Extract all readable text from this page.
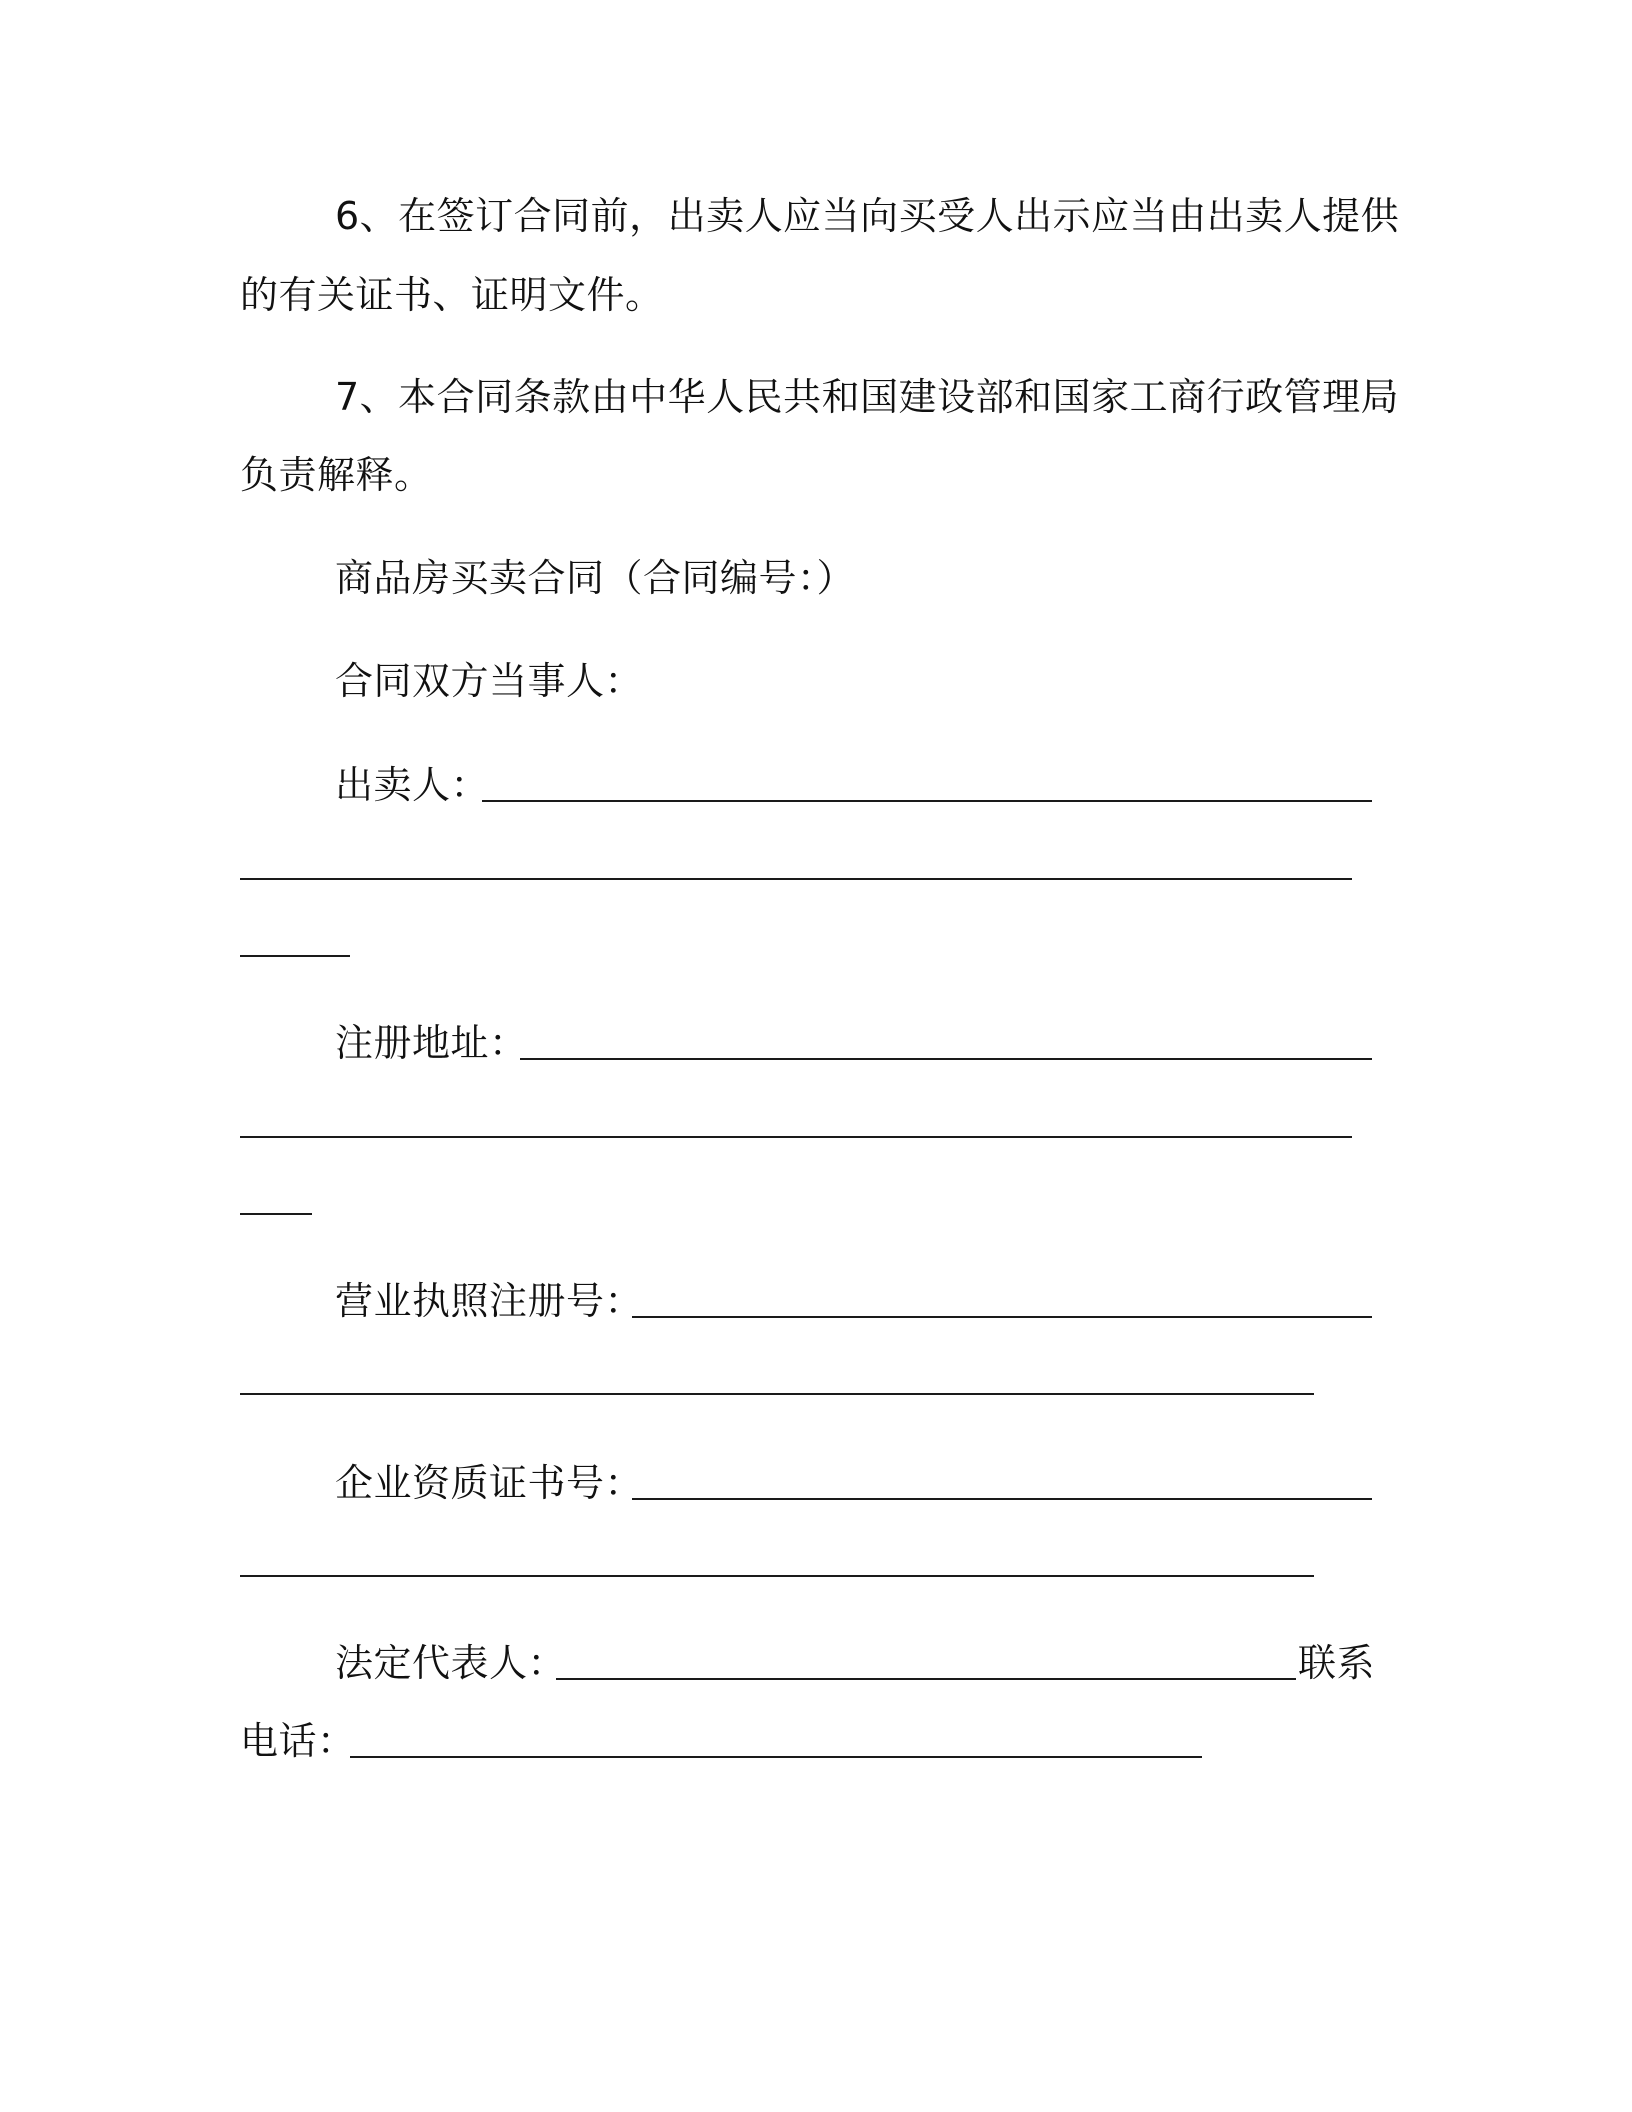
6、在签订合同前，出卖人应当向买受人出示应当由出卖人提供
的有关证书、证明文件。
7、本合同条款由中华人民共和国建设部和国家工商行政管理局
负责解释。
商品房买卖合同（合同编号：）
合同双方当事人：
出卖人：
注册地址：
营业执照注册号：
企业资质证书号：
法定代表人：	联系
电话：
